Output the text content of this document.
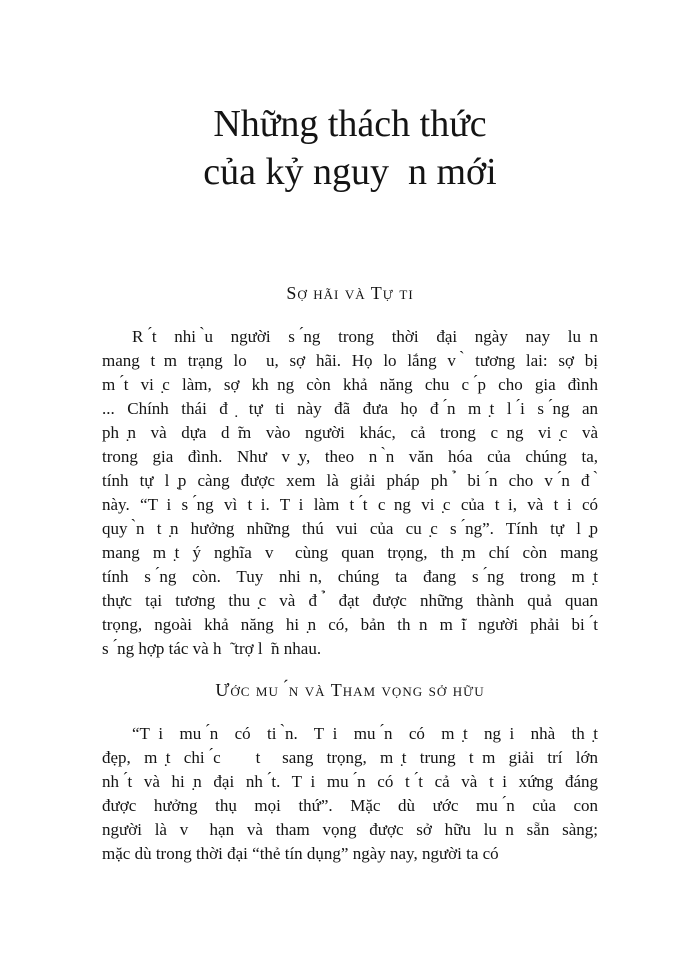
Những thách thức
của kỷ nguy n mới
Sợ hãi và Tự ti
R ́t nhi ̀u người s ́ng trong thời đại ngày nay lu n
mang t m trạng lo  u, sợ hãi. Họ lo lắng v ̀ tương lai: sợ bị
m ́t vi ̣c làm, sợ kh ng còn khả năng chu c ́p cho gia đình
... Chính thái đ ̣ tự ti này đã đưa họ đ ́n m ̣t l ́i s ́ng an
ph ̣n và dựa d ̃m vào người khác, cả trong c ng vi ̣c và
trong gia đình. Như v ̣y, theo n ̀n văn hóa của chúng ta,
tính tự l ̣p càng được xem là giải pháp ph ̉ bi ́n cho v ́n đ ̀
này. “T i s ́ng vì t i. T i làm t ́t c ng vi ̣c của t i, và t i có
quy ̀n t ̣n hưởng những thú vui của cu ̣c s ́ng”. Tính tự l ̣p
mang m ̣t ý nghĩa v  cùng quan trọng, th ̣m chí còn mang
tính s ́ng còn. Tuy nhi n, chúng ta đang s ́ng trong m ̣t
thực tại tương thu ̣c và đ ̉ đạt được những thành quả quan
trọng, ngoài khả năng hi ̣n có, bản th n m ̃i người phải bi ́t
s ́ng hợp tác và h ̃ trợ l ̃n nhau.
Ước mu ́n và Tham vọng sở hữu
“T i mu ́n có ti ̀n. T i mu ́n có m ̣t ng i nhà th ̣t
đẹp, m ̣t chi ́c   t  sang trọng, m ̣t trung t m giải trí lớn
nh ́t và hi ̣n đại nh ́t. T i mu ́n có t ́t cả và t i xứng đáng
được hưởng thụ mọi thứ”. Mặc dù ước mu ́n của con
người là v  hạn và tham vọng được sở hữu lu n sẵn sàng;
mặc dù trong thời đại “thẻ tín dụng” ngày nay, người ta có
